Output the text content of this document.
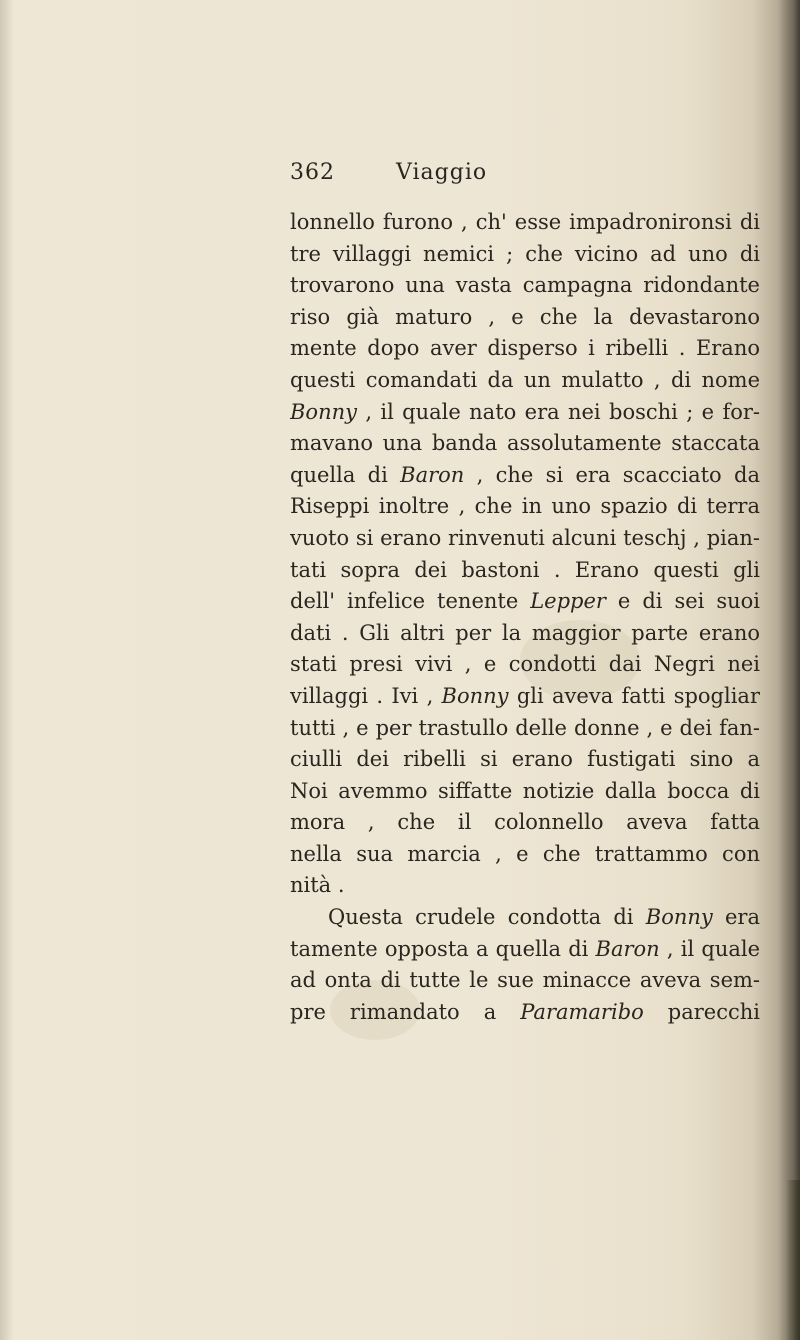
362	Viaggio
lonnello furono , ch' esse impadronironsi di
tre villaggi nemici ; che vicino ad uno di
trovarono una vasta campagna ridondante
riso già maturo , e che la devastarono
mente dopo aver disperso i ribelli . Erano
questi comandati da un mulatto , di nome
Bonny , il quale nato era nei boschi ; e for-
mavano una banda assolutamente staccata
quella di Baron , che si era scacciato da
Riseppi inoltre , che in uno spazio di terra
vuoto si erano rinvenuti alcuni teschj , pian-
tati sopra dei bastoni . Erano questi gli
dell' infelice tenente Lepper e di sei suoi
dati . Gli altri per la maggior parte erano
stati presi vivi , e condotti dai Negri nei
villaggi . Ivi , Bonny gli aveva fatti spogliar
tutti , e per trastullo delle donne , e dei fan-
ciulli dei ribelli si erano fustigati sino a
Noi avemmo siffatte notizie dalla bocca di
mora , che il colonnello aveva fatta
nella sua marcia , e che trattammo con
nità .
Questa crudele condotta di Bonny era
tamente opposta a quella di Baron , il quale
ad onta di tutte le sue minacce aveva sem-
pre rimandato a Paramaribo parecchi
